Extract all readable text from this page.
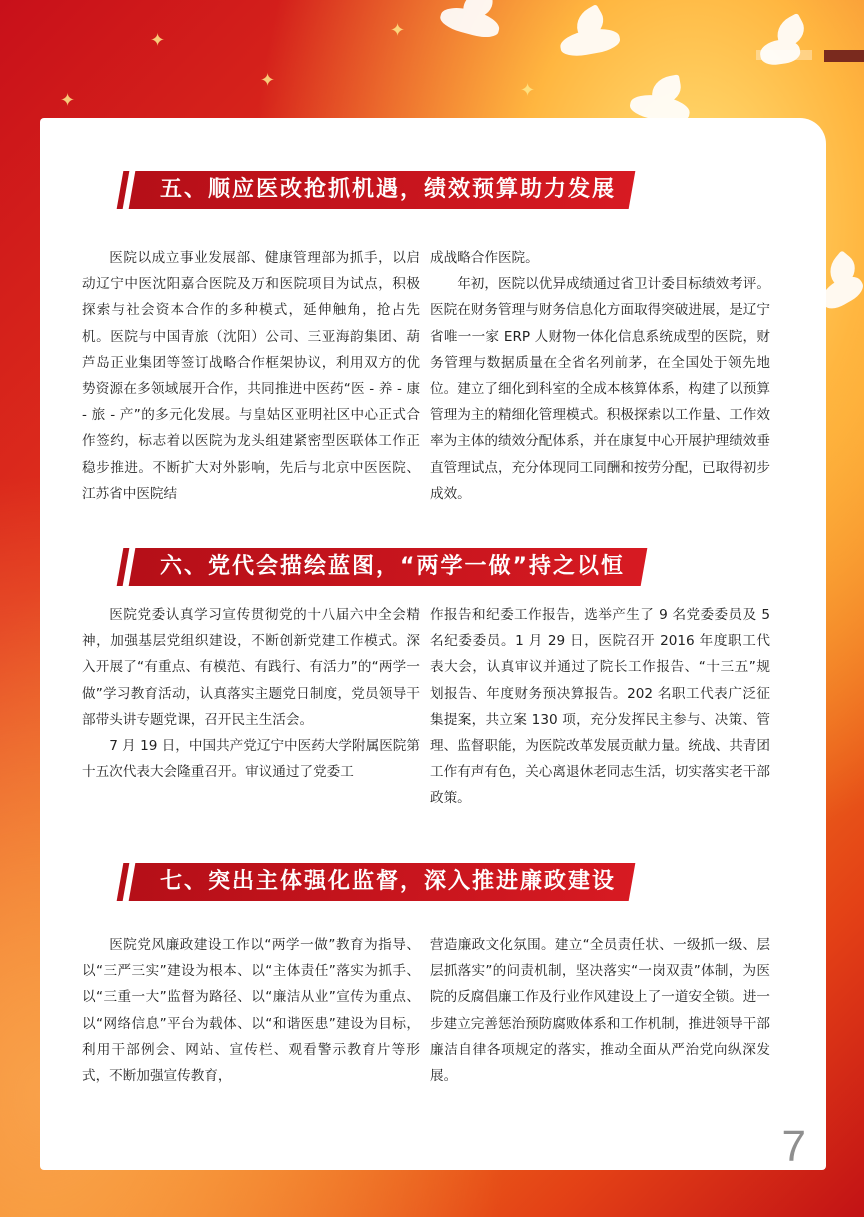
✦
✦
✦
✦
✦
五、顺应医改抢抓机遇，绩效预算助力发展

医院以成立事业发展部、健康管理部为抓手，以启动辽宁中医沈阳嘉合医院及万和医院项目为试点，积极探索与社会资本合作的多种模式，延伸触角，抢占先机。医院与中国青旅（沈阳）公司、三亚海韵集团、葫芦岛正业集团等签订战略合作框架协议，利用双方的优势资源在多领域展开合作，共同推进中医药“医 - 养 - 康 - 旅 - 产”的多元化发展。与皇姑区亚明社区中心正式合作签约，标志着以医院为龙头组建紧密型医联体工作正稳步推进。不断扩大对外影响，先后与北京中医医院、江苏省中医院结

成战略合作医院。

年初，医院以优异成绩通过省卫计委目标绩效考评。医院在财务管理与财务信息化方面取得突破进展，是辽宁省唯一一家 ERP 人财物一体化信息系统成型的医院，财务管理与数据质量在全省名列前茅，在全国处于领先地位。建立了细化到科室的全成本核算体系，构建了以预算管理为主的精细化管理模式。积极探索以工作量、工作效率为主体的绩效分配体系，并在康复中心开展护理绩效垂直管理试点，充分体现同工同酬和按劳分配，已取得初步成效。

六、党代会描绘蓝图，“两学一做”持之以恒

医院党委认真学习宣传贯彻党的十八届六中全会精神，加强基层党组织建设，不断创新党建工作模式。深入开展了“有重点、有模范、有践行、有活力”的“两学一做”学习教育活动，认真落实主题党日制度，党员领导干部带头讲专题党课，召开民主生活会。

7 月 19 日，中国共产党辽宁中医药大学附属医院第十五次代表大会隆重召开。审议通过了党委工

作报告和纪委工作报告，选举产生了 9 名党委委员及 5 名纪委委员。1 月 29 日，医院召开 2016 年度职工代表大会，认真审议并通过了院长工作报告、“十三五”规划报告、年度财务预决算报告。202 名职工代表广泛征集提案，共立案 130 项，充分发挥民主参与、决策、管理、监督职能，为医院改革发展贡献力量。统战、共青团工作有声有色，关心离退休老同志生活，切实落实老干部政策。

七、突出主体强化监督，深入推进廉政建设

医院党风廉政建设工作以“两学一做”教育为指导、以“三严三实”建设为根本、以“主体责任”落实为抓手、以“三重一大”监督为路径、以“廉洁从业”宣传为重点、以“网络信息”平台为载体、以“和谐医患”建设为目标，利用干部例会、网站、宣传栏、观看警示教育片等形式，不断加强宣传教育，

营造廉政文化氛围。建立“全员责任状、一级抓一级、层层抓落实”的问责机制，坚决落实“一岗双责”体制，为医院的反腐倡廉工作及行业作风建设上了一道安全锁。进一步建立完善惩治预防腐败体系和工作机制，推进领导干部廉洁自律各项规定的落实，推动全面从严治党向纵深发展。

7
